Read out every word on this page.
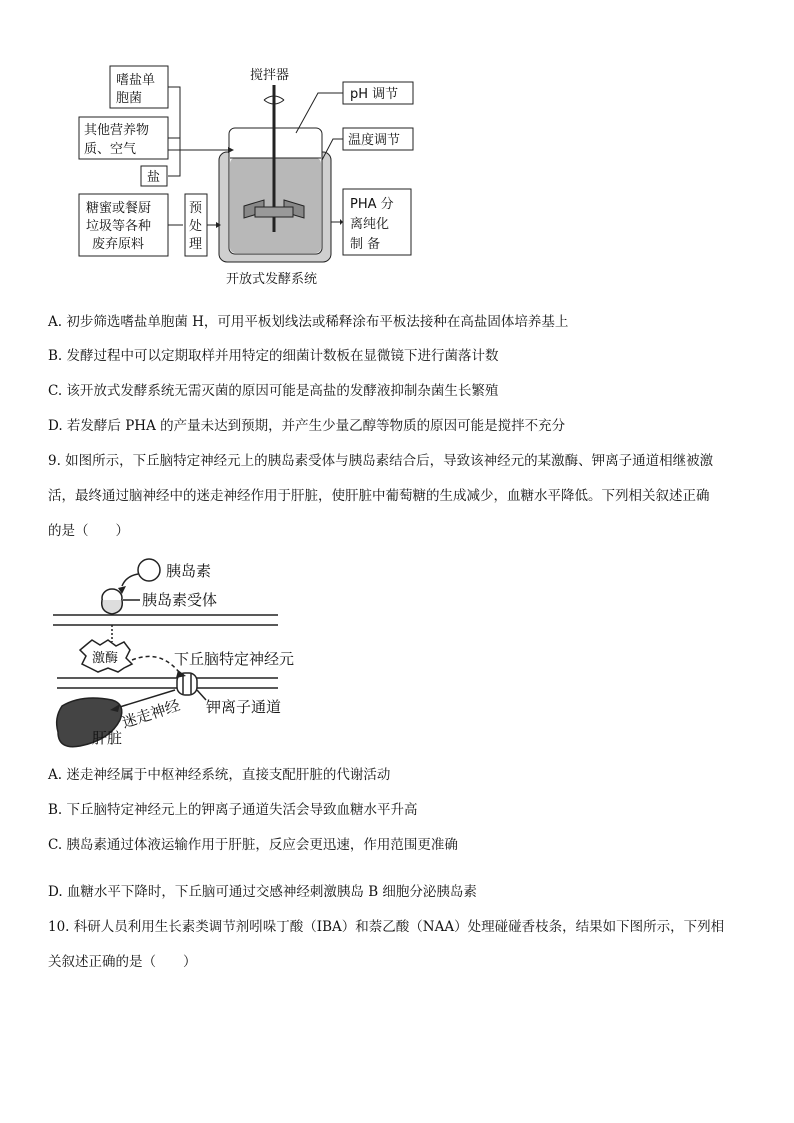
搅拌器
嗜盐单
胞菌
其他营养物
质、空气
盐
糖蜜或餐厨
垃圾等各种
废弃原料
预
处
理
pH 调节
温度调节
PHA 分
离纯化
制 备
开放式发酵系统
A. 初步筛选嗜盐单胞菌 H，可用平板划线法或稀释涂布平板法接种在高盐固体培养基上
B. 发酵过程中可以定期取样并用特定的细菌计数板在显微镜下进行菌落计数
C. 该开放式发酵系统无需灭菌的原因可能是高盐的发酵液抑制杂菌生长繁殖
D. 若发酵后 PHA 的产量未达到预期，并产生少量乙醇等物质的原因可能是搅拌不充分
9. 如图所示，下丘脑特定神经元上的胰岛素受体与胰岛素结合后，导致该神经元的某激酶、钾离子通道相继被激
活，最终通过脑神经中的迷走神经作用于肝脏，使肝脏中葡萄糖的生成减少，血糖水平降低。下列相关叙述正确
的是（　　）
胰岛素
胰岛素受体
激酶	下丘脑特定神经元
钾离子通道
迷走神经
肝脏
A. 迷走神经属于中枢神经系统，直接支配肝脏的代谢活动
B. 下丘脑特定神经元上的钾离子通道失活会导致血糖水平升高
C. 胰岛素通过体液运输作用于肝脏，反应会更迅速，作用范围更准确
D. 血糖水平下降时，下丘脑可通过交感神经刺激胰岛 B 细胞分泌胰岛素
10. 科研人员利用生长素类调节剂吲哚丁酸（IBA）和萘乙酸（NAA）处理碰碰香枝条，结果如下图所示，下列相
关叙述正确的是（　　）
